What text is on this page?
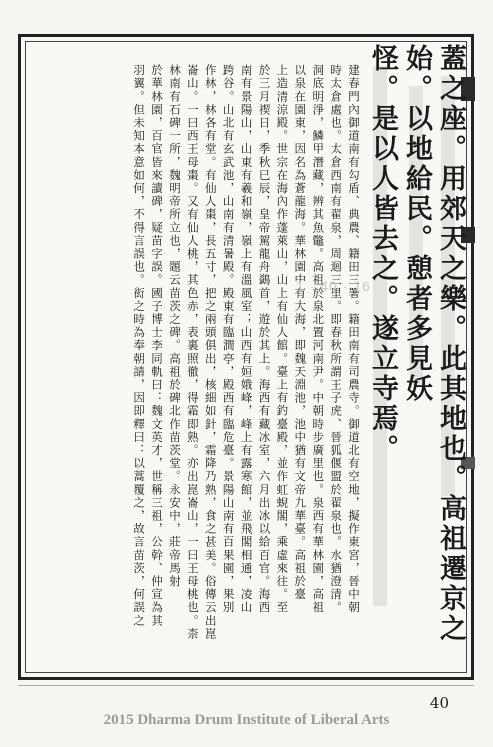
蓋之座。用郊天之樂。此其地也。高祖遷京之始。以地給民。憩者多見妖
怪。是以人皆去之。遂立寺焉。
建春門內御道南有勾盾、典農、籍田三署。籍田南有司農寺。御道北有空地，擬作東宮，晉中朝
時太倉處也。太倉西南有翟泉，周迴三里。即春秋所謂王子虎、晉狐偃盟於翟泉也。水猶澄清。
洞底明淨，鱗甲潛藏，辨其魚鼈。高祖於泉北置河南尹。中朝時步廣里也。泉西有華林園，高祖
以泉在園東，因名為蒼龍海。華林園中有大海，即魏天淵池，池中猶有文帝九華臺。高祖於臺
上造清涼殿。世宗在海內作蓬萊山，山上有仙人館。臺上有釣臺殿，並作虹蜺閣，乘虛來往。至
於三月禊日，季秋巳辰，皇帝駕龍舟鷁首，遊於其上。海西有藏冰室，六月出冰以給百官。海西
南有景陽山，山東有羲和嶺，嶺上有溫風室；山西有姮娥峰，峰上有露寒館，並飛閣相通，凌山
跨谷。山北有玄武池，山南有清暑殿。殿東有臨澗亭，殿西有臨危臺。景陽山南有百果園，果別
作林，林各有堂。有仙人棗，長五寸，把之兩頭俱出，核細如針，霜降乃熟，食之甚美。俗傳云出崑
崙山。一曰西王母棗。又有仙人桃，其色赤，表裏照徹，得霜即熟。亦出崑崙山，一曰王母桃也。柰
林南有石碑一所，魏明帝所立也，題云苗茨之碑。高祖於碑北作苗茨堂。永安中，莊帝馬射
於華林園，百官皆來讀碑，疑苗字誤。國子博士李同軌曰：魏文英才，世稱三祖，公幹、仲宣為其
羽翼。但未知本意如何，不得言誤也。衒之時為奉朝請，因即釋曰：以蒿覆之，故言苗茨，何誤之	1 · 40 · 16
40
2015 Dharma Drum Institute of Liberal Arts
